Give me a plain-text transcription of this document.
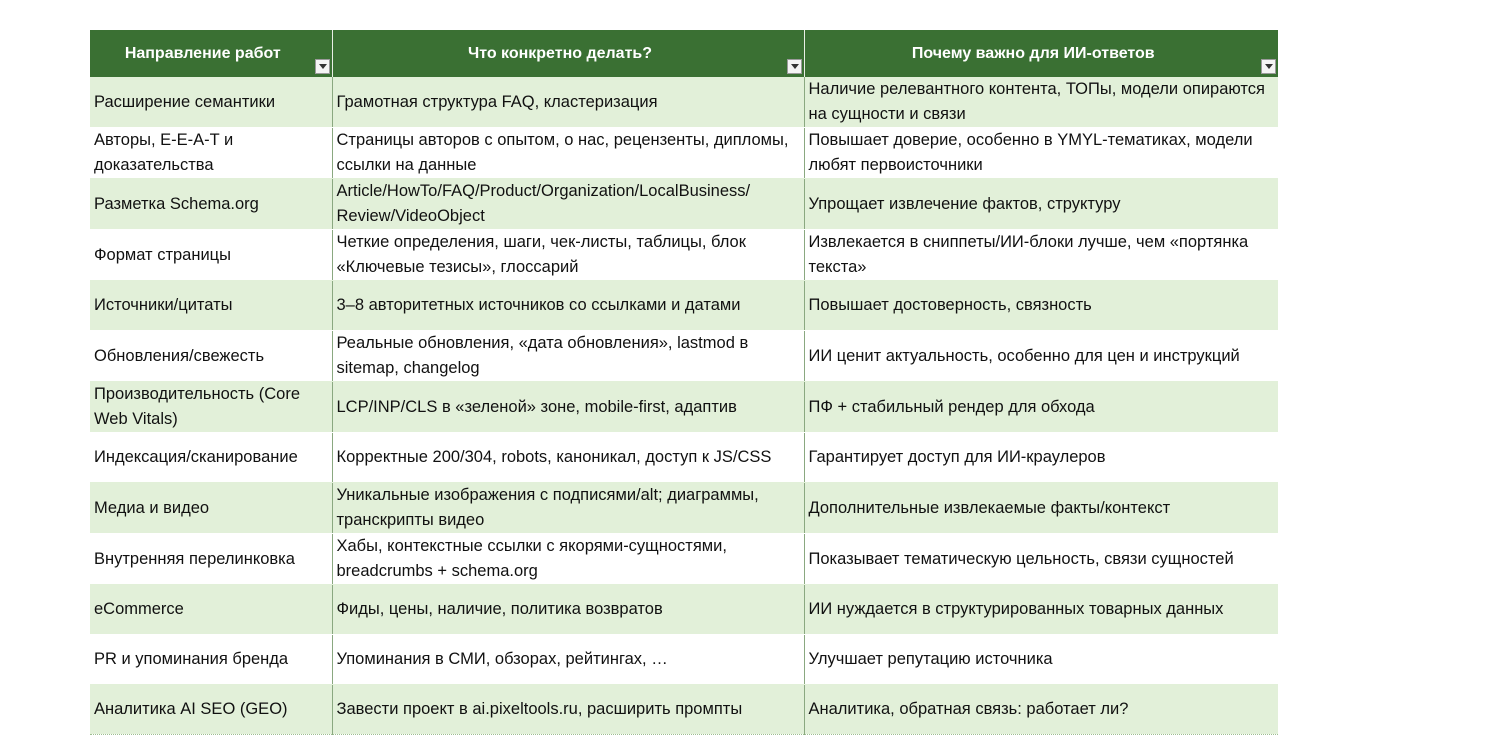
Направление работ	Что конкретно делать?	Почему важно для ИИ-ответов

Расширение семантики	Грамотная структура FAQ, кластеризация	Наличие релевантного контента, ТОПы, модели опираются на сущности и связи
Авторы, E-E-A-T и доказательства	Страницы авторов с опытом, о нас, рецензенты, дипломы, ссылки на данные	Повышает доверие, особенно в YMYL-тематиках, модели любят первоисточники
Разметка Schema.org	Article/HowTo/FAQ/Product/Organization/LocalBusiness/ Review/VideoObject	Упрощает извлечение фактов, структуру
Формат страницы	Четкие определения, шаги, чек-листы, таблицы, блок «Ключевые тезисы», глоссарий	Извлекается в сниппеты/ИИ-блоки лучше, чем «портянка текста»
Источники/цитаты	3–8 авторитетных источников со ссылками и датами	Повышает достоверность, связность
Обновления/свежесть	Реальные обновления, «дата обновления», lastmod в sitemap, changelog	ИИ ценит актуальность, особенно для цен и инструкций
Производительность (Core Web Vitals)	LCP/INP/CLS в «зеленой» зоне, mobile-first, адаптив	ПФ + стабильный рендер для обхода
Индексация/сканирование	Корректные 200/304, robots, каноникал, доступ к JS/CSS	Гарантирует доступ для ИИ-краулеров
Медиа и видео	Уникальные изображения с подписями/alt; диаграммы, транскрипты видео	Дополнительные извлекаемые факты/контекст
Внутренняя перелинковка	Хабы, контекстные ссылки с якорями-сущностями, breadcrumbs + schema.org	Показывает тематическую цельность, связи сущностей
eCommerce	Фиды, цены, наличие, политика возвратов	ИИ нуждается в структурированных товарных данных
PR и упоминания бренда	Упоминания в СМИ, обзорах, рейтингах, …	Улучшает репутацию источника
Аналитика AI SEO (GEO)	Завести проект в ai.pixeltools.ru, расширить промпты	Аналитика, обратная связь: работает ли?
